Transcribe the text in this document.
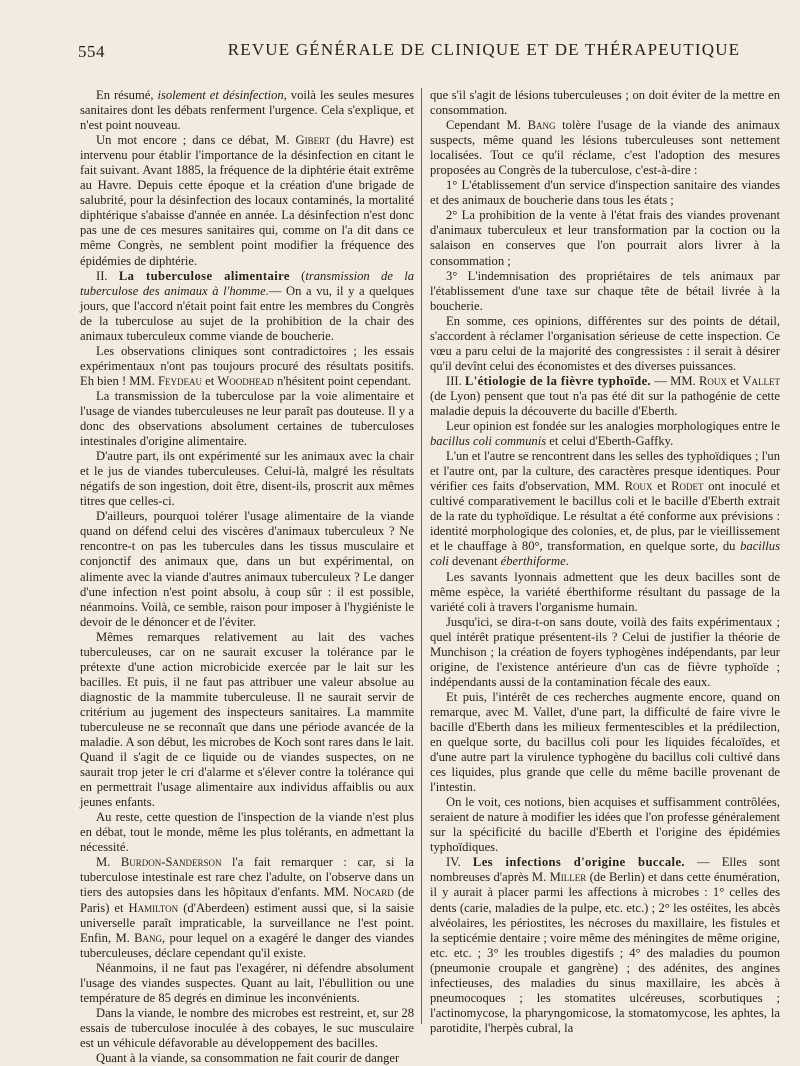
554	REVUE GÉNÉRALE DE CLINIQUE ET DE THÉRAPEUTIQUE

En résumé, isolement et désinfection, voilà les seules mesures sanitaires dont les débats renferment l'urgence. Cela s'explique, et n'est point nouveau.

Un mot encore ; dans ce débat, M. Gibert (du Havre) est intervenu pour établir l'importance de la désinfection en citant le fait suivant. Avant 1885, la fréquence de la diphtérie était extrême au Havre. Depuis cette époque et la création d'une brigade de salubrité, pour la désinfection des locaux contaminés, la mortalité diphtérique s'abaisse d'année en année. La désinfection n'est donc pas une de ces mesures sanitaires qui, comme on l'a dit dans ce même Congrès, ne semblent point modifier la fréquence des épidémies de diphtérie.

II. La tuberculose alimentaire (transmission de la tuberculose des animaux à l'homme.— On a vu, il y a quelques jours, que l'accord n'était point fait entre les membres du Congrès de la tuberculose au sujet de la prohibition de la chair des animaux tuberculeux comme viande de boucherie.

Les observations cliniques sont contradictoires ; les essais expérimentaux n'ont pas toujours procuré des résultats positifs. Eh bien ! MM. Feydeau et Woodhead n'hésitent point cependant.

La transmission de la tuberculose par la voie alimentaire et l'usage de viandes tuberculeuses ne leur paraît pas douteuse. Il y a donc des observations absolument certaines de tuberculoses intestinales d'origine alimentaire.

D'autre part, ils ont expérimenté sur les animaux avec la chair et le jus de viandes tuberculeuses. Celui-là, malgré les résultats négatifs de son ingestion, doit être, disent-ils, proscrit aux mêmes titres que celles-ci.

D'ailleurs, pourquoi tolérer l'usage alimentaire de la viande quand on défend celui des viscères d'animaux tuberculeux ? Ne rencontre-t on pas les tubercules dans les tissus musculaire et conjonctif des animaux que, dans un but expérimental, on alimente avec la viande d'autres animaux tuberculeux ? Le danger d'une infection n'est point absolu, à coup sûr : il est possible, néanmoins. Voilà, ce semble, raison pour imposer à l'hygiéniste le devoir de le dénoncer et de l'éviter.

Mêmes remarques relativement au lait des vaches tuberculeuses, car on ne saurait excuser la tolérance par le prétexte d'une action microbicide exercée par le lait sur les bacilles. Et puis, il ne faut pas attribuer une valeur absolue au diagnostic de la mammite tuberculeuse. Il ne saurait servir de critérium au jugement des inspecteurs sanitaires. La mammite tuberculeuse ne se reconnaît que dans une période avancée de la maladie. A son début, les microbes de Koch sont rares dans le lait. Quand il s'agit de ce liquide ou de viandes suspectes, on ne saurait trop jeter le cri d'alarme et s'élever contre la tolérance qui en permettrait l'usage alimentaire aux individus affaiblis ou aux jeunes enfants.

Au reste, cette question de l'inspection de la viande n'est plus en débat, tout le monde, même les plus tolérants, en admettant la nécessité.

M. Burdon-Sanderson l'a fait remarquer : car, si la tuberculose intestinale est rare chez l'adulte, on l'observe dans un tiers des autopsies dans les hôpitaux d'enfants. MM. Nocard (de Paris) et Hamilton (d'Aberdeen) estiment aussi que, si la saisie universelle paraît impraticable, la surveillance ne l'est point. Enfin, M. Bang, pour lequel on a exagéré le danger des viandes tuberculeuses, déclare cependant qu'il existe.

Néanmoins, il ne faut pas l'exagérer, ni défendre absolument l'usage des viandes suspectes. Quant au lait, l'ébullition ou une température de 85 degrés en diminue les inconvénients.

Dans la viande, le nombre des microbes est restreint, et, sur 28 essais de tuberculose inoculée à des cobayes, le suc musculaire est un véhicule défavorable au développement des bacilles.

Quant à la viande, sa consommation ne fait courir de danger

que s'il s'agit de lésions tuberculeuses ; on doit éviter de la mettre en consommation.

Cependant M. Bang tolère l'usage de la viande des animaux suspects, même quand les lésions tuberculeuses sont nettement localisées. Tout ce qu'il réclame, c'est l'adoption des mesures proposées au Congrès de la tuberculose, c'est-à-dire :

1° L'établissement d'un service d'inspection sanitaire des viandes et des animaux de boucherie dans tous les états ;

2° La prohibition de la vente à l'état frais des viandes provenant d'animaux tuberculeux et leur transformation par la coction ou la salaison en conserves que l'on pourrait alors livrer à la consommation ;

3° L'indemnisation des propriétaires de tels animaux par l'établissement d'une taxe sur chaque tête de bétail livrée à la boucherie.

En somme, ces opinions, différentes sur des points de détail, s'accordent à réclamer l'organisation sérieuse de cette inspection. Ce vœu a paru celui de la majorité des congressistes : il serait à désirer qu'il devînt celui des économistes et des diverses puissances.

III. L'étiologie de la fièvre typhoïde. — MM. Roux et Vallet (de Lyon) pensent que tout n'a pas été dit sur la pathogénie de cette maladie depuis la découverte du bacille d'Eberth.

Leur opinion est fondée sur les analogies morphologiques entre le bacillus coli communis et celui d'Eberth-Gaffky.

L'un et l'autre se rencontrent dans les selles des typhoïdiques ; l'un et l'autre ont, par la culture, des caractères presque identiques. Pour vérifier ces faits d'observation, MM. Roux et Rodet ont inoculé et cultivé comparativement le bacillus coli et le bacille d'Eberth extrait de la rate du typhoïdique. Le résultat a été conforme aux prévisions : identité morphologique des colonies, et, de plus, par le vieillissement et le chauffage à 80°, transformation, en quelque sorte, du bacillus coli devenant éberthiforme.

Les savants lyonnais admettent que les deux bacilles sont de même espèce, la variété éberthiforme résultant du passage de la variété coli à travers l'organisme humain.

Jusqu'ici, se dira-t-on sans doute, voilà des faits expérimentaux ; quel intérêt pratique présentent-ils ? Celui de justifier la théorie de Munchison ; la création de foyers typhogènes indépendants, par leur origine, de l'existence antérieure d'un cas de fièvre typhoïde ; indépendants aussi de la contamination fécale des eaux.

Et puis, l'intérêt de ces recherches augmente encore, quand on remarque, avec M. Vallet, d'une part, la difficulté de faire vivre le bacille d'Eberth dans les milieux fermentescibles et la prédilection, en quelque sorte, du bacillus coli pour les liquides fécaloïdes, et d'une autre part la virulence typhogène du bacillus coli cultivé dans ces liquides, plus grande que celle du même bacille provenant de l'intestin.

On le voit, ces notions, bien acquises et suffisamment contrôlées, seraient de nature à modifier les idées que l'on professe généralement sur la spécificité du bacille d'Eberth et l'origine des épidémies typhoïdiques.

IV. Les infections d'origine buccale. — Elles sont nombreuses d'après M. Miller (de Berlin) et dans cette énumération, il y aurait à placer parmi les affections à microbes : 1° celles des dents (carie, maladies de la pulpe, etc. etc.) ; 2° les ostéites, les abcès alvéolaires, les périostites, les nécroses du maxillaire, les fistules et la septicémie dentaire ; voire même des méningites de même origine, etc. etc. ; 3° les troubles digestifs ; 4° des maladies du poumon (pneumonie croupale et gangrène) ; des adénites, des angines infectieuses, des maladies du sinus maxillaire, les abcès à pneumocoques ; les stomatites ulcéreuses, scorbutiques ; l'actinomycose, la pharyngomicose, la stomatomycose, les aphtes, la parotidite, l'herpès cubral, la
